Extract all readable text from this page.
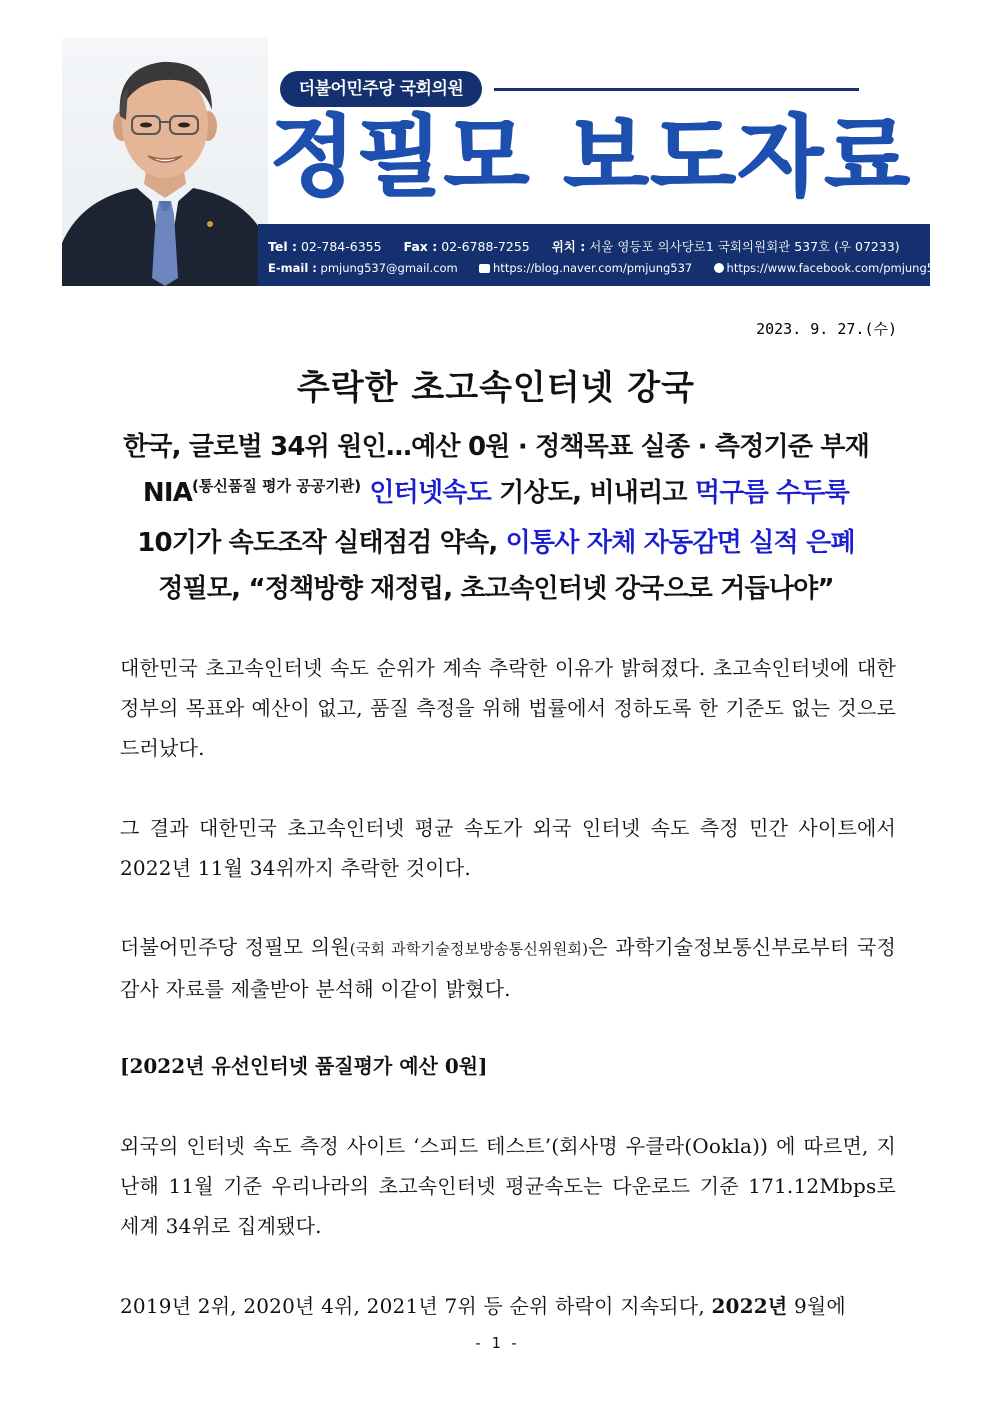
더불어민주당 국회의원
정필모 보도자료
Tel : 02-784-6355 Fax : 02-6788-7255 위치 : 서울 영등포 의사당로1 국회의원회관 537호 (우 07233)
E-mail : pmjung537@gmail.com	https://blog.naver.com/pmjung537	https://www.facebook.com/pmjung537
2023. 9. 27.(수)
추락한 초고속인터넷 강국
한국, 글로벌 34위 원인…예산 0원 · 정책목표 실종 · 측정기준 부재
$NIA^{(통신품질 평가 공공기관)}$ 인터넷속도 기상도, 비내리고 먹구름 수두룩
10기가 속도조작 실태점검 약속, 이통사 자체 자동감면 실적 은폐
정필모, “정책방향 재정립, 초고속인터넷 강국으로 거듭나야”
대한민국 초고속인터넷 속도 순위가 계속 추락한 이유가 밝혀졌다. 초고속인터넷에 대한 정부의 목표와 예산이 없고, 품질 측정을 위해 법률에서 정하도록 한 기준도 없는 것으로 드러났다.
그 결과 대한민국 초고속인터넷 평균 속도가 외국 인터넷 속도 측정 민간 사이트에서 2022년 11월 34위까지 추락한 것이다.
더불어민주당 정필모 의원(국회 과학기술정보방송통신위원회)은 과학기술정보통신부로부터 국정감사 자료를 제출받아 분석해 이같이 밝혔다.
[2022년 유선인터넷 품질평가 예산 0원]
외국의 인터넷 속도 측정 사이트 ‘스피드 테스트’(회사명 우클라(Ookla)) 에 따르면, 지난해 11월 기준 우리나라의 초고속인터넷 평균속도는 다운로드 기준 171.12Mbps로 세계 34위로 집계됐다.
2019년 2위, 2020년 4위, 2021년 7위 등 순위 하락이 지속되다, 2022년 9월에
- 1 -
